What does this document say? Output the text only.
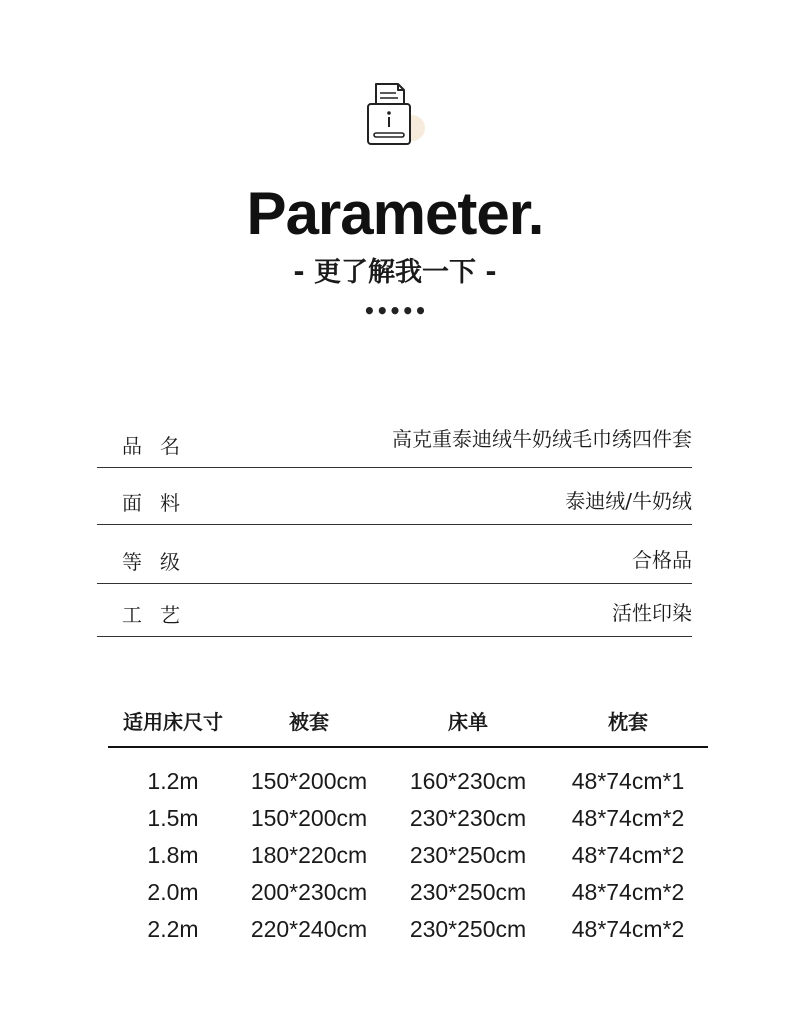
Parameter.
- 更了解我一下 -
•••••
品名	高克重泰迪绒牛奶绒毛巾绣四件套
面料	泰迪绒/牛奶绒
等级	合格品
工艺	活性印染
适用床尺寸	被套	床单	枕套
1.2m	150*200cm	160*230cm	48*74cm*1
1.5m	150*200cm	230*230cm	48*74cm*2
1.8m	180*220cm	230*250cm	48*74cm*2
2.0m	200*230cm	230*250cm	48*74cm*2
2.2m	220*240cm	230*250cm	48*74cm*2
